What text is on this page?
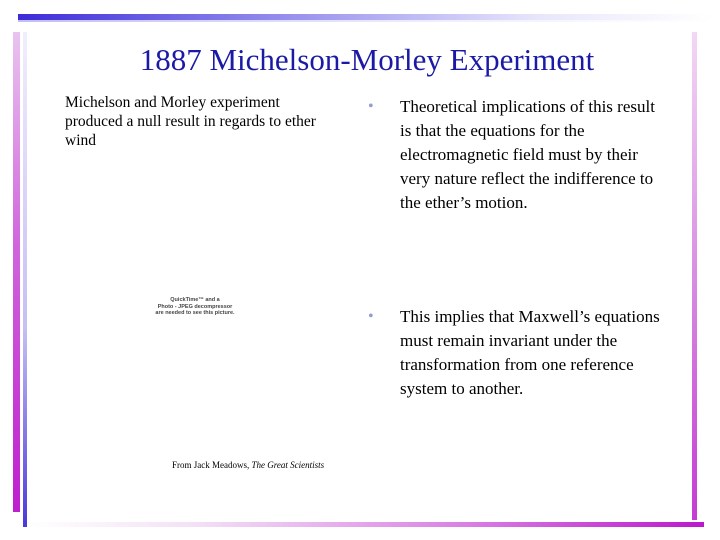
1887 Michelson-Morley Experiment
Michelson and Morley experiment produced a null result in regards to ether wind
QuickTime™ and a
Photo - JPEG decompressor
are needed to see this picture.
From Jack Meadows, The Great Scientists
• Theoretical implications of this result is that the equations for the electromagnetic field must by their very nature reflect the indifference to the ether’s motion.
• This implies that Maxwell’s equations must remain invariant under the transformation from one reference system to another.
